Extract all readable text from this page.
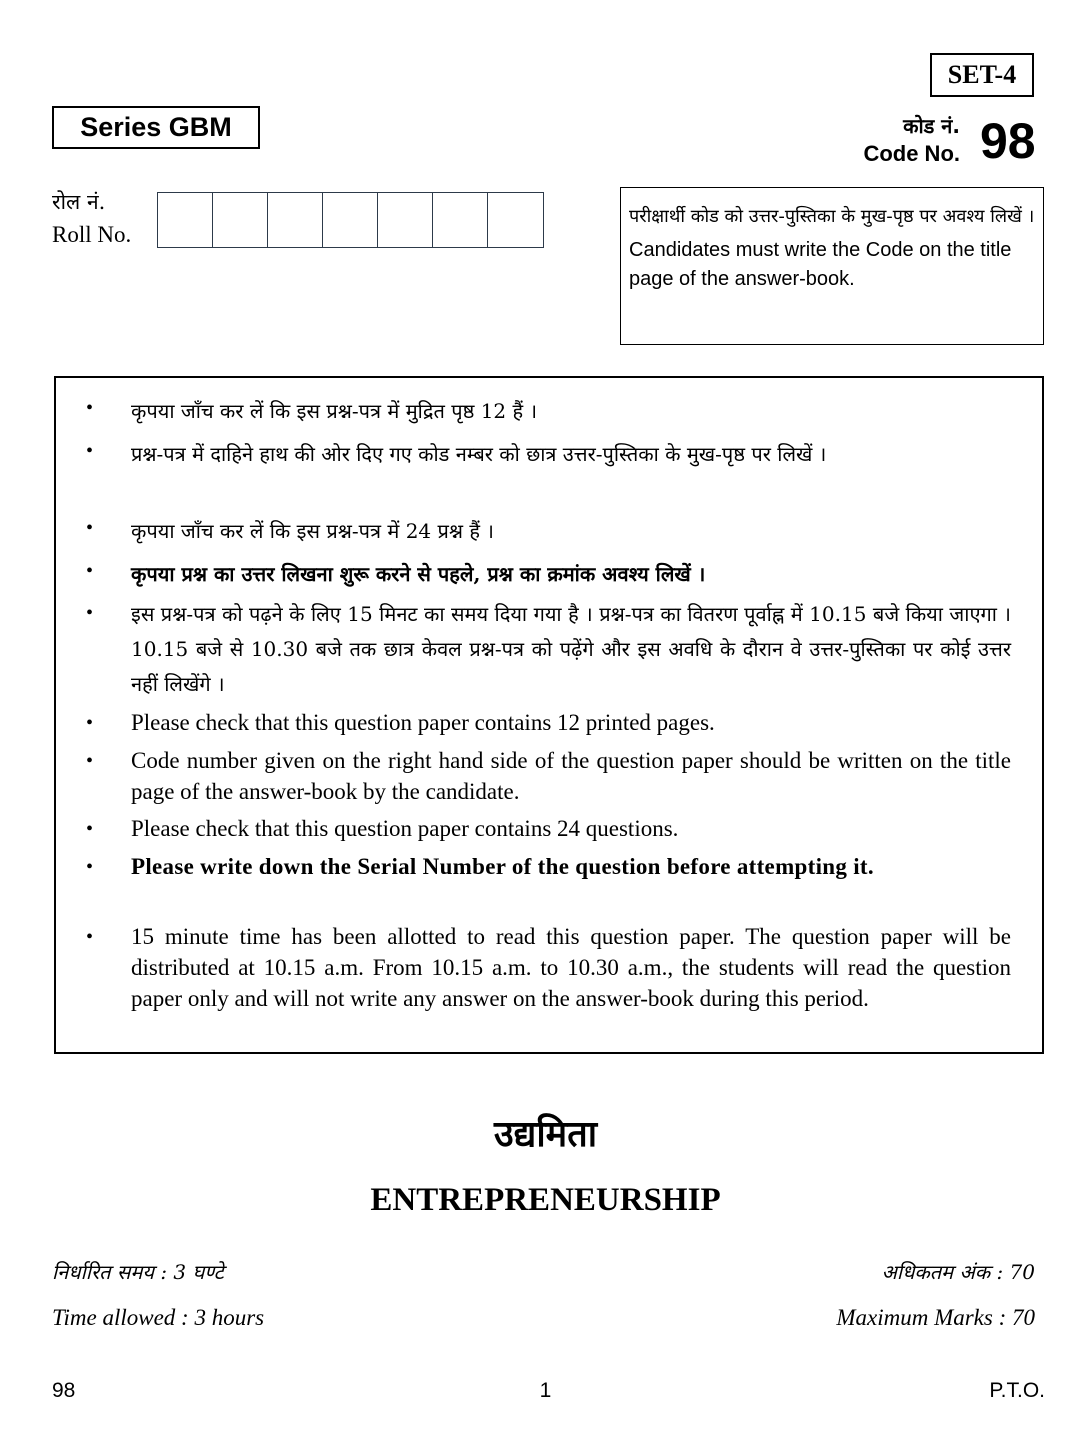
SET-4
Series GBM	कोड नं.
Code No. 98
रोल नं.
Roll No.
परीक्षार्थी कोड को उत्तर-पुस्तिका के मुख-पृष्ठ पर अवश्य लिखें ।
Candidates must write the Code on the title page of the answer-book.
• कृपया जाँच कर लें कि इस प्रश्न-पत्र में मुद्रित पृष्ठ 12 हैं ।
• प्रश्न-पत्र में दाहिने हाथ की ओर दिए गए कोड नम्बर को छात्र उत्तर-पुस्तिका के मुख-पृष्ठ पर लिखें ।
• कृपया जाँच कर लें कि इस प्रश्न-पत्र में 24 प्रश्न हैं ।
• कृपया प्रश्न का उत्तर लिखना शुरू करने से पहले, प्रश्न का क्रमांक अवश्य लिखें ।
• इस प्रश्न-पत्र को पढ़ने के लिए 15 मिनट का समय दिया गया है । प्रश्न-पत्र का वितरण पूर्वाह्न में 10.15 बजे किया जाएगा । 10.15 बजे से 10.30 बजे तक छात्र केवल प्रश्न-पत्र को पढ़ेंगे और इस अवधि के दौरान वे उत्तर-पुस्तिका पर कोई उत्तर नहीं लिखेंगे ।
• Please check that this question paper contains 12 printed pages.
• Code number given on the right hand side of the question paper should be written on the title page of the answer-book by the candidate.
• Please check that this question paper contains 24 questions.
• Please write down the Serial Number of the question before attempting it.
• 15 minute time has been allotted to read this question paper. The question paper will be distributed at 10.15 a.m. From 10.15 a.m. to 10.30 a.m., the students will read the question paper only and will not write any answer on the answer-book during this period.
उद्यमिता
ENTREPRENEURSHIP
निर्धारित समय : 3 घण्टे	अधिकतम अंक : 70
Time allowed : 3 hours	Maximum Marks : 70
98	1	P.T.O.
